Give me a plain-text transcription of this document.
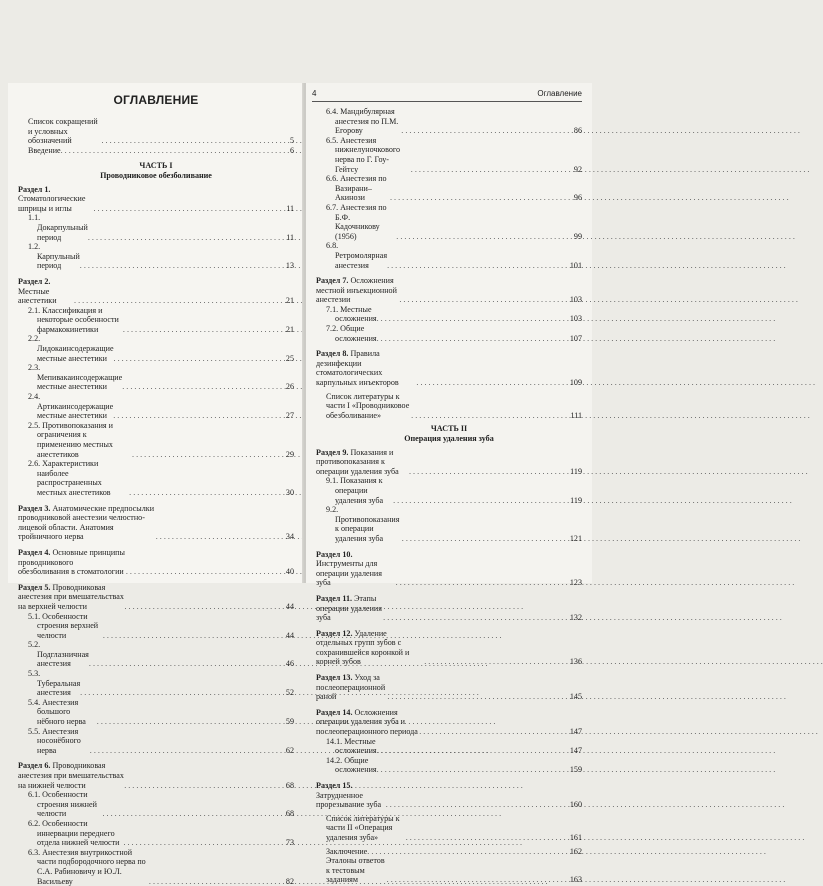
ОГЛАВЛЕНИЕ
Список сокращений и условных обозначений . . .	5
Введение . . .	6
ЧАСТЬ I
Проводниковое обезболивание
Раздел 1. Стоматологические шприцы и иглы . . .	11
1.1. Докарпульный период . . .	11
1.2. Карпульный период . . .	13
Раздел 2. Местные анестетики . . .	21
2.1. Классификация и некоторые особенности фармакокинетики . . .	21
2.2. Лидокаинсодержащие местные анестетики . . .	25
2.3. Мепивакаинсодержащие местные анестетики . . .	26
2.4. Артикаинсодержащие местные анестетики . . .	27
2.5. Противопоказания и ограничения к применению местных анестетиков . . .	29
2.6. Характеристики наиболее распространенных местных анестетиков . . .	30
Раздел 3. Анатомические предпосылки проводниковой анестезии челюстно-лицевой области. Анатомия тройничного нерва . . .	34
Раздел 4. Основные принципы проводникового обезболивания в стоматологии . . .	40
Раздел 5. Проводниковая анестезия при вмешательствах на верхней челюсти . . .	44
5.1. Особенности строения верхней челюсти . . .	44
5.2. Подглазничная анестезия . . .	46
5.3. Туберальная анестезия . . .	52
5.4. Анестезия большого нёбного нерва . . .	59
5.5. Анестезия носонёбного нерва . . .	62
Раздел 6. Проводниковая анестезия при вмешательствах на нижней челюсти . . .	68
6.1. Особенности строения нижней челюсти . . .	68
6.2. Особенности иннервации переднего отдела нижней челюсти . . .	73
6.3. Анестезия внутрикостной части подбородочного нерва по С.А. Рабиновичу и Ю.Л. Васильеву . . .	82
4	Оглавление
6.4. Мандибулярная анестезия по П.М. Егорову . . .	86
6.5. Анестезия нижнелуночкового нерва по Г. Гоу-Гейтсу . . .	92
6.6. Анестезия по Вазирани–Акинози . . .	96
6.7. Анестезия по Б.Ф. Кадочникову (1956) . . .	99
6.8. Ретромолярная анестезия . . .	101
Раздел 7. Осложнения местной инъекционной анестезии . . .	103
7.1. Местные осложнения . . .	103
7.2. Общие осложнения . . .	107
Раздел 8. Правила дезинфекции стоматологических карпульных инъекторов . . .	109
Список литературы к части I «Проводниковое обезболивание» . . .	111
ЧАСТЬ II
Операция удаления зуба
Раздел 9. Показания и противопоказания к операции удаления зуба . . .	119
9.1. Показания к операции удаления зуба . . .	119
9.2. Противопоказания к операции удаления зуба . . .	121
Раздел 10. Инструменты для операции удаления зуба . . .	123
Раздел 11. Этапы операции удаления зуба . . .	132
Раздел 12. Удаление отдельных групп зубов с сохранившейся коронкой и корней зубов . . .	136
Раздел 13. Уход за послеоперационной раной . . .	145
Раздел 14. Осложнения операции удаления зуба и послеоперационного периода . . .	147
14.1. Местные осложнения . . .	147
14.2. Общие осложнения . . .	159
Раздел 15. Затрудненное прорезывание зуба . . .	160
Список литературы к части II «Операция удаления зуба» . . .	161
Заключение . . .	162
Эталоны ответов к тестовым заданиям . . .	163
